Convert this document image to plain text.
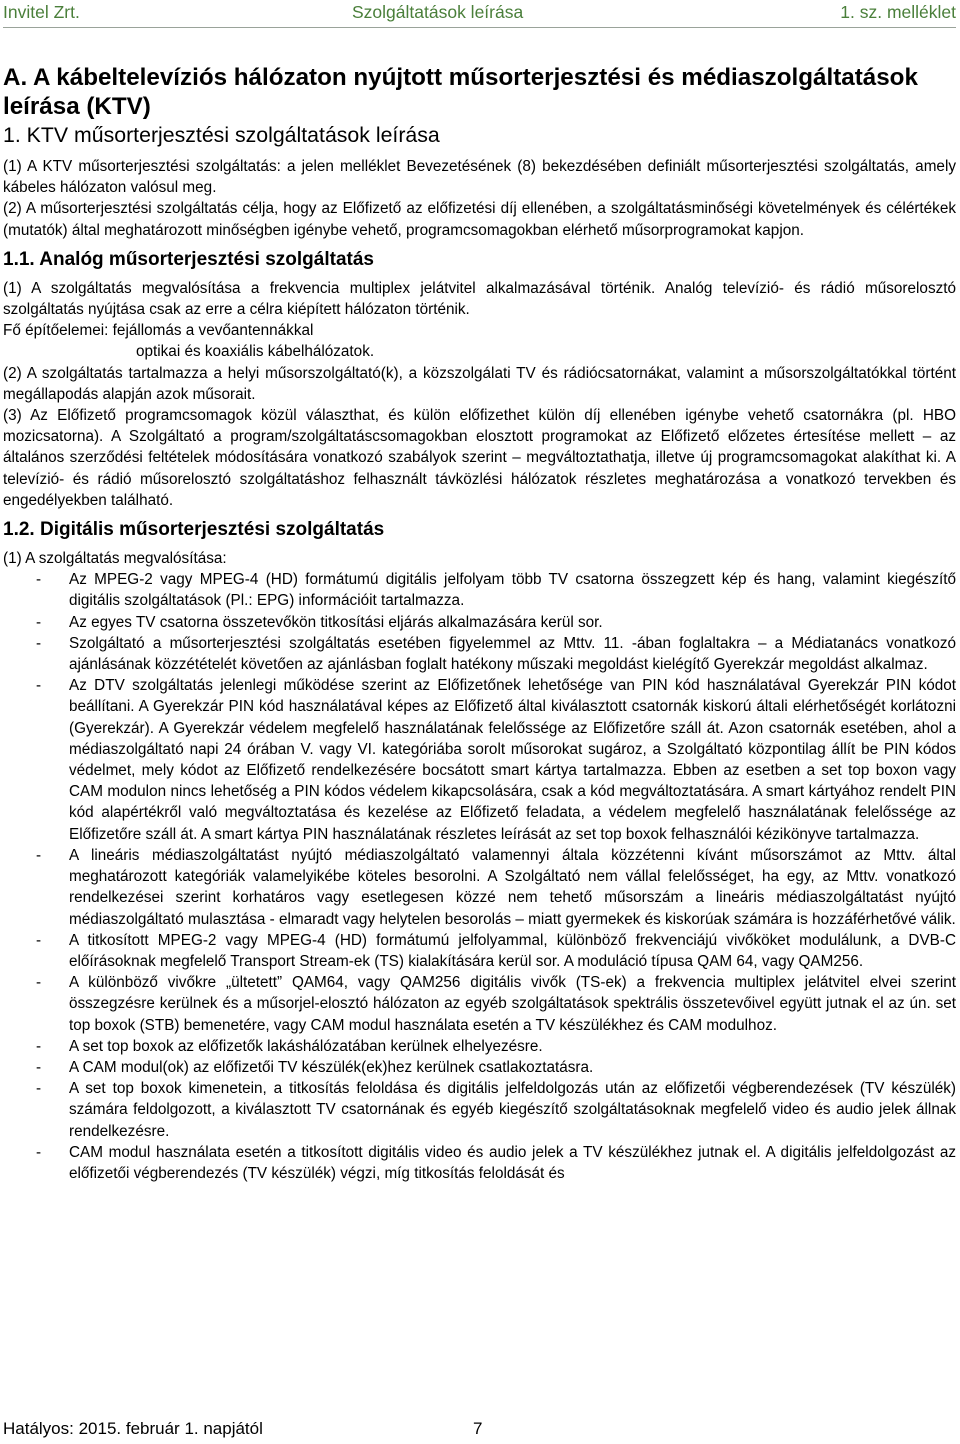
Invitel Zrt.	Szolgáltatások leírása	1. sz. melléklet
A. A kábeltelevíziós hálózaton nyújtott műsorterjesztési és médiaszolgáltatások leírása (KTV)
1. KTV műsorterjesztési szolgáltatások leírása

(1) A KTV műsorterjesztési szolgáltatás: a jelen melléklet Bevezetésének (8) bekezdésében definiált műsorterjesztési szolgáltatás, amely kábeles hálózaton valósul meg.

(2) A műsorterjesztési szolgáltatás célja, hogy az Előfizető az előfizetési díj ellenében, a szolgáltatásminőségi követelmények és célértékek (mutatók) által meghatározott minőségben igénybe vehető, programcsomagokban elérhető műsorprogramokat kapjon.

1.1. Analóg műsorterjesztési szolgáltatás

(1) A szolgáltatás megvalósítása a frekvencia multiplex jelátvitel alkalmazásával történik. Analóg televízió- és rádió műsorelosztó szolgáltatás nyújtása csak az erre a célra kiépített hálózaton történik.

Fő építőelemei: fejállomás a vevőantennákkal

optikai és koaxiális kábelhálózatok.

(2) A szolgáltatás tartalmazza a helyi műsorszolgáltató(k), a közszolgálati TV és rádiócsatornákat, valamint a műsorszolgáltatókkal történt megállapodás alapján azok műsorait.

(3) Az Előfizető programcsomagok közül választhat, és külön előfizethet külön díj ellenében igénybe vehető csatornákra (pl. HBO mozicsatorna). A Szolgáltató a program/szolgáltatáscsomagokban elosztott programokat az Előfizető előzetes értesítése mellett – az általános szerződési feltételek módosítására vonatkozó szabályok szerint – megváltoztathatja, illetve új programcsomagokat alakíthat ki. A televízió- és rádió műsorelosztó szolgáltatáshoz felhasznált távközlési hálózatok részletes meghatározása a vonatkozó tervekben és engedélyekben található.

1.2. Digitális műsorterjesztési szolgáltatás

(1) A szolgáltatás megvalósítása:

- Az MPEG-2 vagy MPEG-4 (HD) formátumú digitális jelfolyam több TV csatorna összegzett kép és hang, valamint kiegészítő digitális szolgáltatások (Pl.: EPG) információit tartalmazza.
- Az egyes TV csatorna összetevőkön titkosítási eljárás alkalmazására kerül sor.
- Szolgáltató a műsorterjesztési szolgáltatás esetében figyelemmel az Mttv. 11. -ában foglaltakra – a Médiatanács vonatkozó ajánlásának közzétételét követően az ajánlásban foglalt hatékony műszaki megoldást kielégítő Gyerekzár megoldást alkalmaz.
- Az DTV szolgáltatás jelenlegi működése szerint az Előfizetőnek lehetősége van PIN kód használatával Gyerekzár PIN kódot beállítani. A Gyerekzár PIN kód használatával képes az Előfizető által kiválasztott csatornák kiskorú általi elérhetőségét korlátozni (Gyerekzár). A Gyerekzár védelem megfelelő használatának felelőssége az Előfizetőre száll át. Azon csatornák esetében, ahol a médiaszolgáltató napi 24 órában V. vagy VI. kategóriába sorolt műsorokat sugároz, a Szolgáltató központilag állít be PIN kódos védelmet, mely kódot az Előfizető rendelkezésére bocsátott smart kártya tartalmazza. Ebben az esetben a set top boxon vagy CAM modulon nincs lehetőség a PIN kódos védelem kikapcsolására, csak a kód megváltoztatására. A smart kártyához rendelt PIN kód alapértékről való megváltoztatása és kezelése az Előfizető feladata, a védelem megfelelő használatának felelőssége az Előfizetőre száll át. A smart kártya PIN használatának részletes leírását az set top boxok felhasználói kézikönyve tartalmazza.
- A lineáris médiaszolgáltatást nyújtó médiaszolgáltató valamennyi általa közzétenni kívánt műsorszámot az Mttv. által meghatározott kategóriák valamelyikébe köteles besorolni. A Szolgáltató nem vállal felelősséget, ha egy, az Mttv. vonatkozó rendelkezései szerint korhatáros vagy esetlegesen közzé nem tehető műsorszám a lineáris médiaszolgáltatást nyújtó médiaszolgáltató mulasztása - elmaradt vagy helytelen besorolás – miatt gyermekek és kiskorúak számára is hozzáférhetővé válik.
- A titkosított MPEG-2 vagy MPEG-4 (HD) formátumú jelfolyammal, különböző frekvenciájú vivőköket modulálunk, a DVB-C előírásoknak megfelelő Transport Stream-ek (TS) kialakítására kerül sor. A moduláció típusa QAM 64, vagy QAM256.
- A különböző vivőkre „ültetett” QAM64, vagy QAM256 digitális vivők (TS-ek) a frekvencia multiplex jelátvitel elvei szerint összegzésre kerülnek és a műsorjel-elosztó hálózaton az egyéb szolgáltatások spektrális összetevőivel együtt jutnak el az ún. set top boxok (STB) bemenetére, vagy CAM modul használata esetén a TV készülékhez és CAM modulhoz.
- A set top boxok az előfizetők lakáshálózatában kerülnek elhelyezésre.
- A CAM modul(ok) az előfizetői TV készülék(ek)hez kerülnek csatlakoztatásra.
- A set top boxok kimenetein, a titkosítás feloldása és digitális jelfeldolgozás után az előfizetői végberendezések (TV készülék) számára feldolgozott, a kiválasztott TV csatornának és egyéb kiegészítő szolgáltatásoknak megfelelő video és audio jelek állnak rendelkezésre.
- CAM modul használata esetén a titkosított digitális video és audio jelek a TV készülékhez jutnak el. A digitális jelfeldolgozást az előfizetői végberendezés (TV készülék) végzi, míg titkosítás feloldását és
Hatályos: 2015. február 1. napjától	7
